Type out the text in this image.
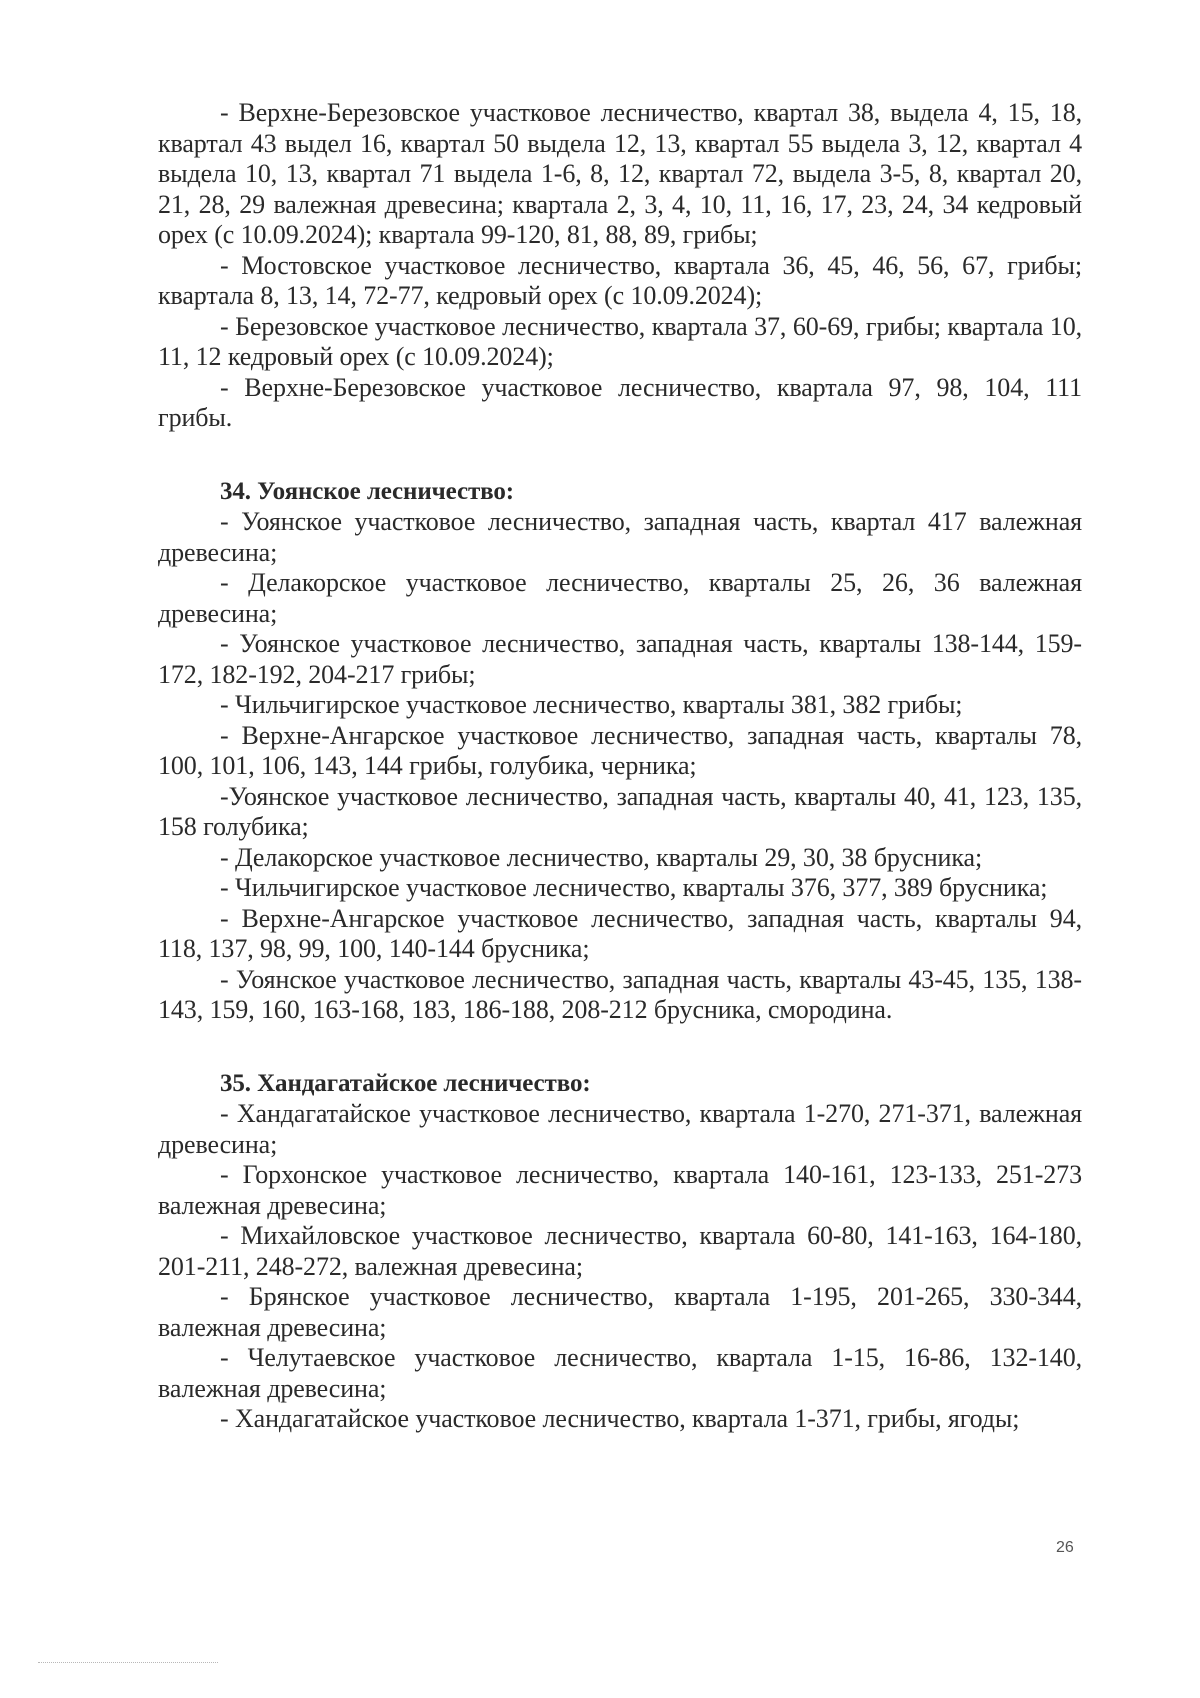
- Верхне-Березовское участковое лесничество, квартал 38, выдела 4, 15, 18, квартал 43 выдел 16, квартал 50 выдела 12, 13, квартал 55 выдела 3, 12, квартал 4 выдела 10, 13, квартал 71 выдела 1-6, 8, 12, квартал 72, выдела 3-5, 8, квартал 20, 21, 28, 29 валежная древесина; квартала 2, 3, 4, 10, 11, 16, 17, 23, 24, 34 кедровый орех (с 10.09.2024); квартала 99-120, 81, 88, 89, грибы;

- Мостовское участковое лесничество, квартала 36, 45, 46, 56, 67, грибы; квартала 8, 13, 14, 72-77, кедровый орех (с 10.09.2024);

- Березовское участковое лесничество, квартала 37, 60-69, грибы; квартала 10, 11, 12 кедровый орех (с 10.09.2024);

- Верхне-Березовское участковое лесничество, квартала 97, 98, 104, 111 грибы.

34. Уоянское лесничество:

- Уоянское участковое лесничество, западная часть, квартал 417 валежная древесина;

- Делакорское участковое лесничество, кварталы 25, 26, 36 валежная древесина;

- Уоянское участковое лесничество, западная часть, кварталы 138-144, 159-172, 182-192, 204-217 грибы;

- Чильчигирское участковое лесничество, кварталы 381, 382 грибы;

- Верхне-Ангарское участковое лесничество, западная часть, кварталы 78, 100, 101, 106, 143, 144 грибы, голубика, черника;

-Уоянское участковое лесничество, западная часть, кварталы 40, 41, 123, 135, 158 голубика;

- Делакорское участковое лесничество, кварталы 29, 30, 38 брусника;

- Чильчигирское участковое лесничество, кварталы 376, 377, 389 брусника;

- Верхне-Ангарское участковое лесничество, западная часть, кварталы 94, 118, 137, 98, 99, 100, 140-144 брусника;

- Уоянское участковое лесничество, западная часть, кварталы 43-45, 135, 138-143, 159, 160, 163-168, 183, 186-188, 208-212 брусника, смородина.

35. Хандагатайское лесничество:

- Хандагатайское участковое лесничество, квартала 1-270, 271-371, валежная древесина;

- Горхонское участковое лесничество, квартала 140-161, 123-133, 251-273 валежная древесина;

- Михайловское участковое лесничество, квартала 60-80, 141-163, 164-180, 201-211, 248-272, валежная древесина;

- Брянское участковое лесничество, квартала 1-195, 201-265, 330-344, валежная древесина;

- Челутаевское участковое лесничество, квартала 1-15, 16-86, 132-140, валежная древесина;

- Хандагатайское участковое лесничество, квартала 1-371, грибы, ягоды;

26
